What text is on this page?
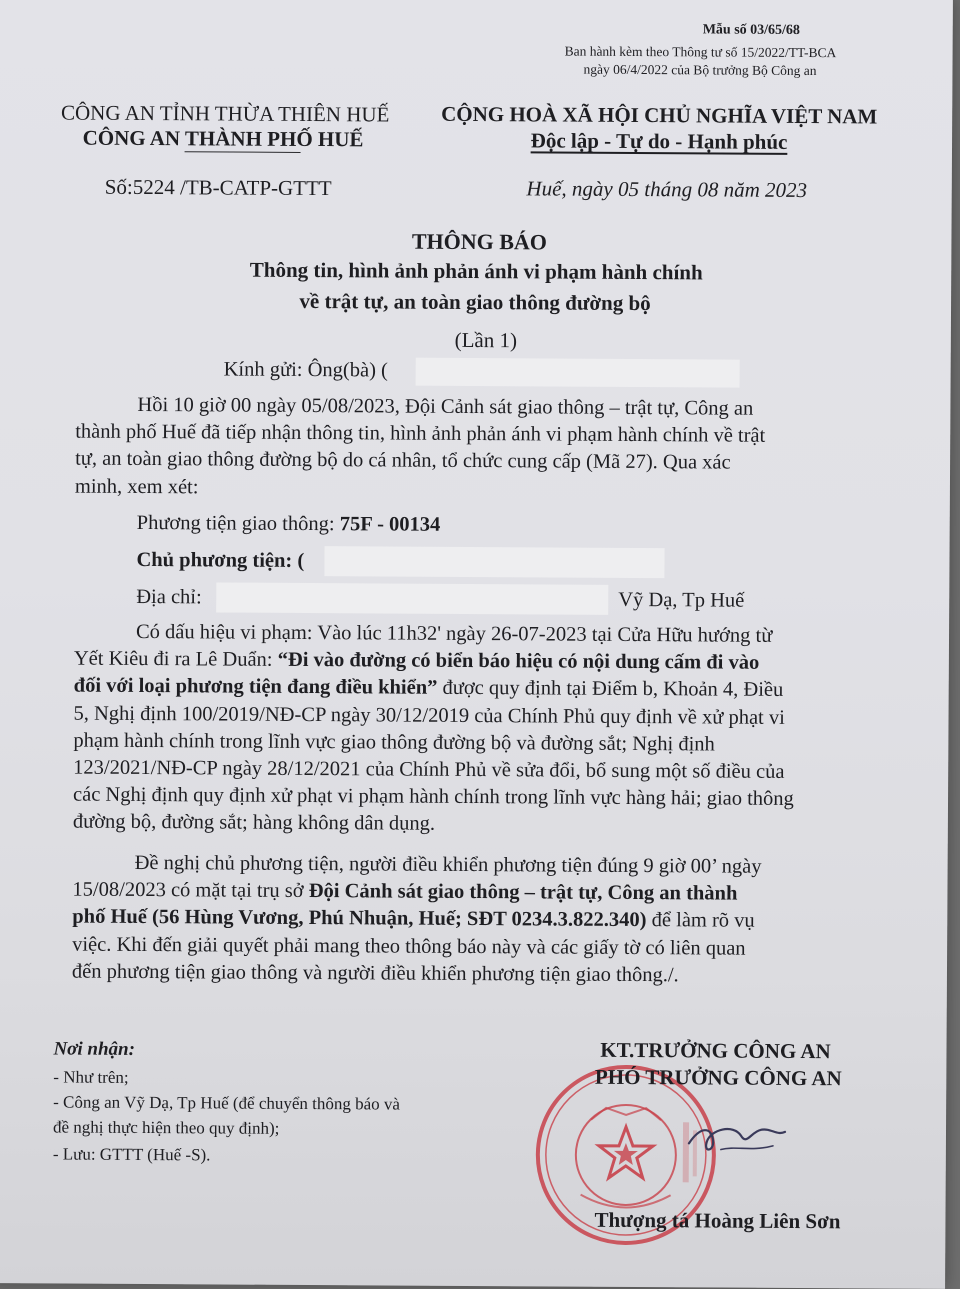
Mẫu số 03/65/68
Ban hành kèm theo Thông tư số 15/2022/TT-BCA
ngày 06/4/2022 của Bộ trưởng Bộ Công an
CÔNG AN TỈNH THỪA THIÊN HUẾ
CÔNG AN THÀNH PHỐ HUẾ
Số:5224 /TB-CATP-GTTT
CỘNG HOÀ XÃ HỘI CHỦ NGHĨA VIỆT NAM
Độc lập - Tự do - Hạnh phúc
Huế, ngày 05 tháng 08 năm 2023
THÔNG BÁO
Thông tin, hình ảnh phản ánh vi phạm hành chính
về trật tự, an toàn giao thông đường bộ
(Lần 1)
Kính gửi: Ông(bà) (
Hồi 10 giờ 00 ngày 05/08/2023, Đội Cảnh sát giao thông – trật tự, Công an
thành phố Huế đã tiếp nhận thông tin, hình ảnh phản ánh vi phạm hành chính về trật
tự, an toàn giao thông đường bộ do cá nhân, tổ chức cung cấp (Mã 27). Qua xác
minh, xem xét:
Phương tiện giao thông: 75F - 00134
Chủ phương tiện: (
Địa chỉ:	Vỹ Dạ, Tp Huế
Có dấu hiệu vi phạm: Vào lúc 11h32' ngày 26-07-2023 tại Cửa Hữu hướng từ
Yết Kiêu đi ra Lê Duẩn: “Đi vào đường có biển báo hiệu có nội dung cấm đi vào
đối với loại phương tiện đang điều khiển” được quy định tại Điểm b, Khoản 4, Điều
5, Nghị định 100/2019/NĐ-CP ngày 30/12/2019 của Chính Phủ quy định về xử phạt vi
phạm hành chính trong lĩnh vực giao thông đường bộ và đường sắt; Nghị định
123/2021/NĐ-CP ngày 28/12/2021 của Chính Phủ về sửa đổi, bổ sung một số điều của
các Nghị định quy định xử phạt vi phạm hành chính trong lĩnh vực hàng hải; giao thông
đường bộ, đường sắt; hàng không dân dụng.
Đề nghị chủ phương tiện, người điều khiển phương tiện đúng 9 giờ 00’ ngày
15/08/2023 có mặt tại trụ sở Đội Cảnh sát giao thông – trật tự, Công an thành
phố Huế (56 Hùng Vương, Phú Nhuận, Huế; SĐT 0234.3.822.340) để làm rõ vụ
việc. Khi đến giải quyết phải mang theo thông báo này và các giấy tờ có liên quan
đến phương tiện giao thông và người điều khiển phương tiện giao thông./.
Nơi nhận:
- Như trên;
- Công an Vỹ Dạ, Tp Huế (để chuyển thông báo và
đề nghị thực hiện theo quy định);
- Lưu: GTTT (Huế -S).
KT.TRƯỞNG CÔNG AN
PHÓ TRƯỞNG CÔNG AN
Thượng tá Hoàng Liên Sơn
